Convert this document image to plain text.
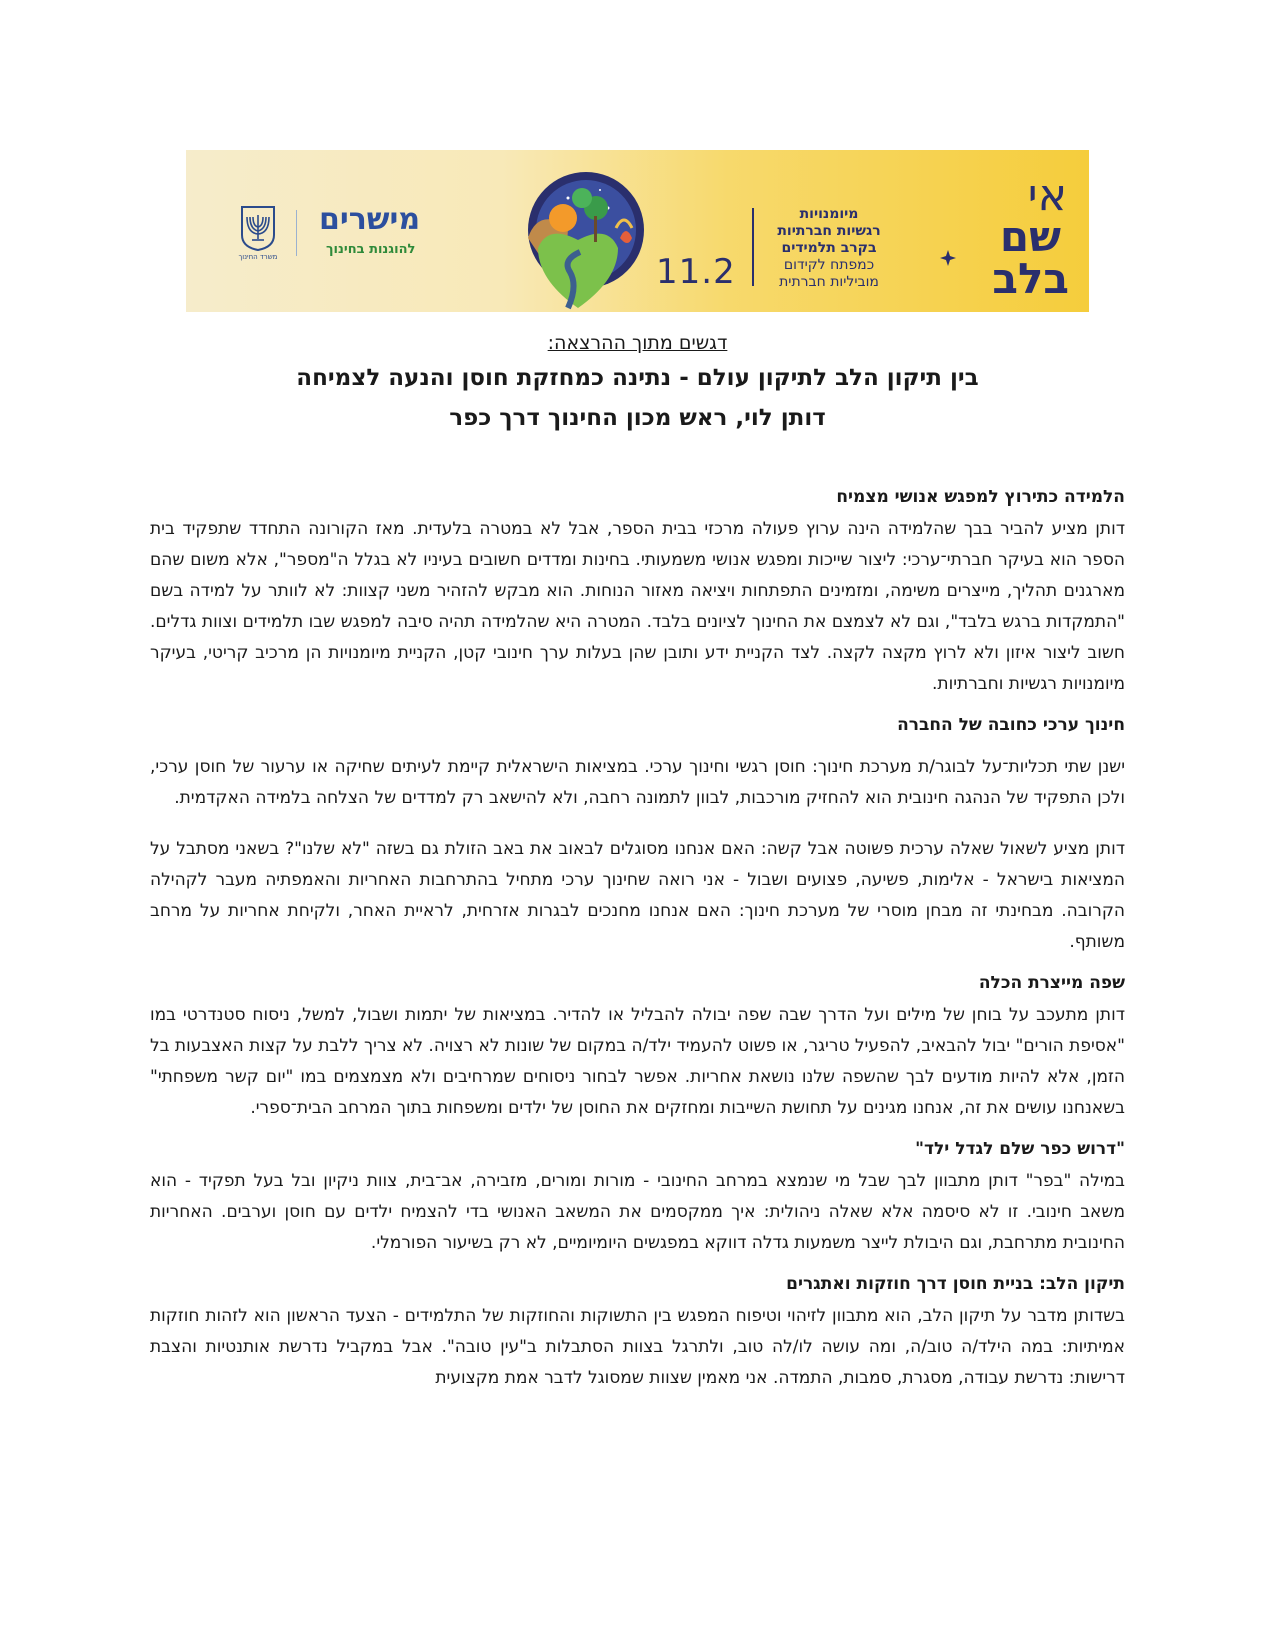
משרד החינוך
מישרים
להוגנות בחינוך
11.2
מיומנויות
רגשיות חברתיות
בקרב תלמידים
כמפתח לקידום
מוביליות חברתית
אי
שם
בלב
דגשים מתוך ההרצאה:
בין תיקון הלב לתיקון עולם - נתינה כמחזקת חוסן והנעה לצמיחה
דותן לוי, ראש מכון החינוך דרך כפר
הלמידה כתירוץ למפגש אנושי מצמיח

דותן מציע להביר בבך שהלמידה הינה ערוץ פעולה מרכזי בבית הספר, אבל לא במטרה בלעדית. מאז הקורונה התחדד שתפקיד בית הספר הוא בעיקר חברתי־ערכי: ליצור שייכות ומפגש אנושי משמעותי. בחינות ומדדים חשובים בעיניו לא בגלל ה"מספר", אלא משום שהם מארגנים תהליך, מייצרים משימה, ומזמינים התפתחות ויציאה מאזור הנוחות. הוא מבקש להזהיר משני קצוות: לא לוותר על למידה בשם "התמקדות ברגש בלבד", וגם לא לצמצם את החינוך לציונים בלבד. המטרה היא שהלמידה תהיה סיבה למפגש שבו תלמידים וצוות גדלים. חשוב ליצור איזון ולא לרוץ מקצה לקצה. לצד הקניית ידע ותובן שהן בעלות ערך חינובי קטן, הקניית מיומנויות הן מרכיב קריטי, בעיקר מיומנויות רגשיות וחברתיות.

חינוך ערכי כחובה של החברה

ישנן שתי תכליות־על לבוגר/ת מערכת חינוך: חוסן רגשי וחינוך ערכי. במציאות הישראלית קיימת לעיתים שחיקה או ערעור של חוסן ערכי, ולכן התפקיד של הנהגה חינובית הוא להחזיק מורכבות, לבוון לתמונה רחבה, ולא להישאב רק למדדים של הצלחה בלמידה האקדמית.

דותן מציע לשאול שאלה ערכית פשוטה אבל קשה: האם אנחנו מסוגלים לבאוב את באב הזולת גם בשזה "לא שלנו"? בשאני מסתבל על המציאות בישראל - אלימות, פשיעה, פצועים ושבול - אני רואה שחינוך ערכי מתחיל בהתרחבות האחריות והאמפתיה מעבר לקהילה הקרובה. מבחינתי זה מבחן מוסרי של מערכת חינוך: האם אנחנו מחנכים לבגרות אזרחית, לראיית האחר, ולקיחת אחריות על מרחב משותף.

שפה מייצרת הכלה

דותן מתעכב על בוחן של מילים ועל הדרך שבה שפה יבולה להבליל או להדיר. במציאות של יתמות ושבול, למשל, ניסוח סטנדרטי במו "אסיפת הורים" יבול להבאיב, להפעיל טריגר, או פשוט להעמיד ילד/ה במקום של שונות לא רצויה. לא צריך ללבת על קצות האצבעות בל הזמן, אלא להיות מודעים לבך שהשפה שלנו נושאת אחריות. אפשר לבחור ניסוחים שמרחיבים ולא מצמצמים במו "יום קשר משפחתי" בשאנחנו עושים את זה, אנחנו מגינים על תחושת השייבות ומחזקים את החוסן של ילדים ומשפחות בתוך המרחב הבית־ספרי.

"דרוש כפר שלם לגדל ילד"

במילה "בפר" דותן מתבוון לבך שבל מי שנמצא במרחב החינובי - מורות ומורים, מזבירה, אב־בית, צוות ניקיון ובל בעל תפקיד - הוא משאב חינובי. זו לא סיסמה אלא שאלה ניהולית: איך ממקסמים את המשאב האנושי בדי להצמיח ילדים עם חוסן וערבים. האחריות החינובית מתרחבת, וגם היבולת לייצר משמעות גדלה דווקא במפגשים היומיומיים, לא רק בשיעור הפורמלי.

תיקון הלב: בניית חוסן דרך חוזקות ואתגרים

בשדותן מדבר על תיקון הלב, הוא מתבוון לזיהוי וטיפוח המפגש בין התשוקות והחוזקות של התלמידים - הצעד הראשון הוא לזהות חוזקות אמיתיות: במה הילד/ה טוב/ה, ומה עושה לו/לה טוב, ולתרגל בצוות הסתבלות ב"עין טובה". אבל במקביל נדרשת אותנטיות והצבת דרישות: נדרשת עבודה, מסגרת, סמבות, התמדה. אני מאמין שצוות שמסוגל לדבר אמת מקצועית
